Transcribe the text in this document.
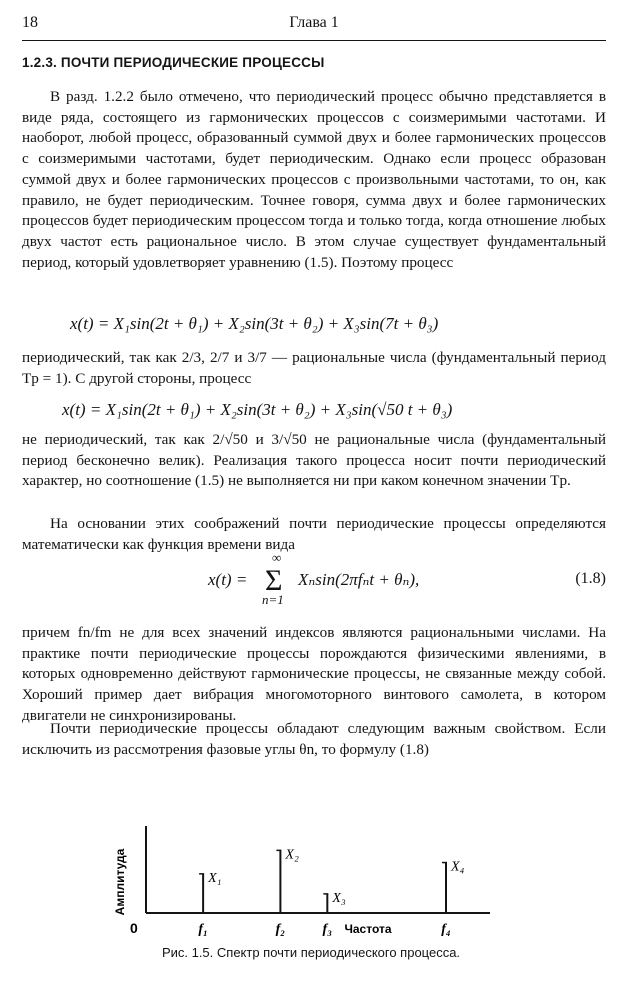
18	Глава 1
1.2.3. ПОЧТИ ПЕРИОДИЧЕСКИЕ ПРОЦЕССЫ

В разд. 1.2.2 было отмечено, что периодический процесс обычно представляется в виде ряда, состоящего из гармонических процессов с соизмеримыми частотами. И наоборот, любой процесс, образованный суммой двух и более гармонических процессов с соизмеримыми частотами, будет периодическим. Однако если процесс образован суммой двух и более гармонических процессов с произвольными частотами, то он, как правило, не будет периодическим. Точнее говоря, сумма двух и более гармонических процессов будет периодическим процессом тогда и только тогда, когда отношение любых двух частот есть рациональное число. В этом случае существует фундаментальный период, который удовлетворяет уравнению (1.5). Поэтому процесс

x(t) = X₁sin(2t + θ₁) + X₂sin(3t + θ₂) + X₃sin(7t + θ₃)

периодический, так как 2/3, 2/7 и 3/7 — рациональные числа (фундаментальный период Tp = 1). С другой стороны, процесс

x(t) = X₁sin(2t + θ₁) + X₂sin(3t + θ₂) + X₃sin(√50 t + θ₃)

не периодический, так как 2/√50 и 3/√50 не рациональные числа (фундаментальный период бесконечно велик). Реализация такого процесса носит почти периодический характер, но соотношение (1.5) не выполняется ни при каком конечном значении Tp.

На основании этих соображений почти периодические процессы определяются математически как функция времени вида

x(t) =
∞
Σ
n=1
Xₙsin(2πfₙt + θₙ),	(1.8)

причем fn/fm не для всех значений индексов являются рациональными числами. На практике почти периодические процессы порождаются физическими явлениями, в которых одновременно действуют гармонические процессы, не связанные между собой. Хороший пример дает вибрация многомоторного винтового самолета, в котором двигатели не синхронизированы.

Почти периодические процессы обладают следующим важным свойством. Если исключить из рассмотрения фазовые углы θn, то формулу (1.8)

Амплитуда
0	Частота
X₁
f₁
X₂
f₂
X₃
f₃
X₄
f₄
Рис. 1.5. Спектр почти периодического процесса.
